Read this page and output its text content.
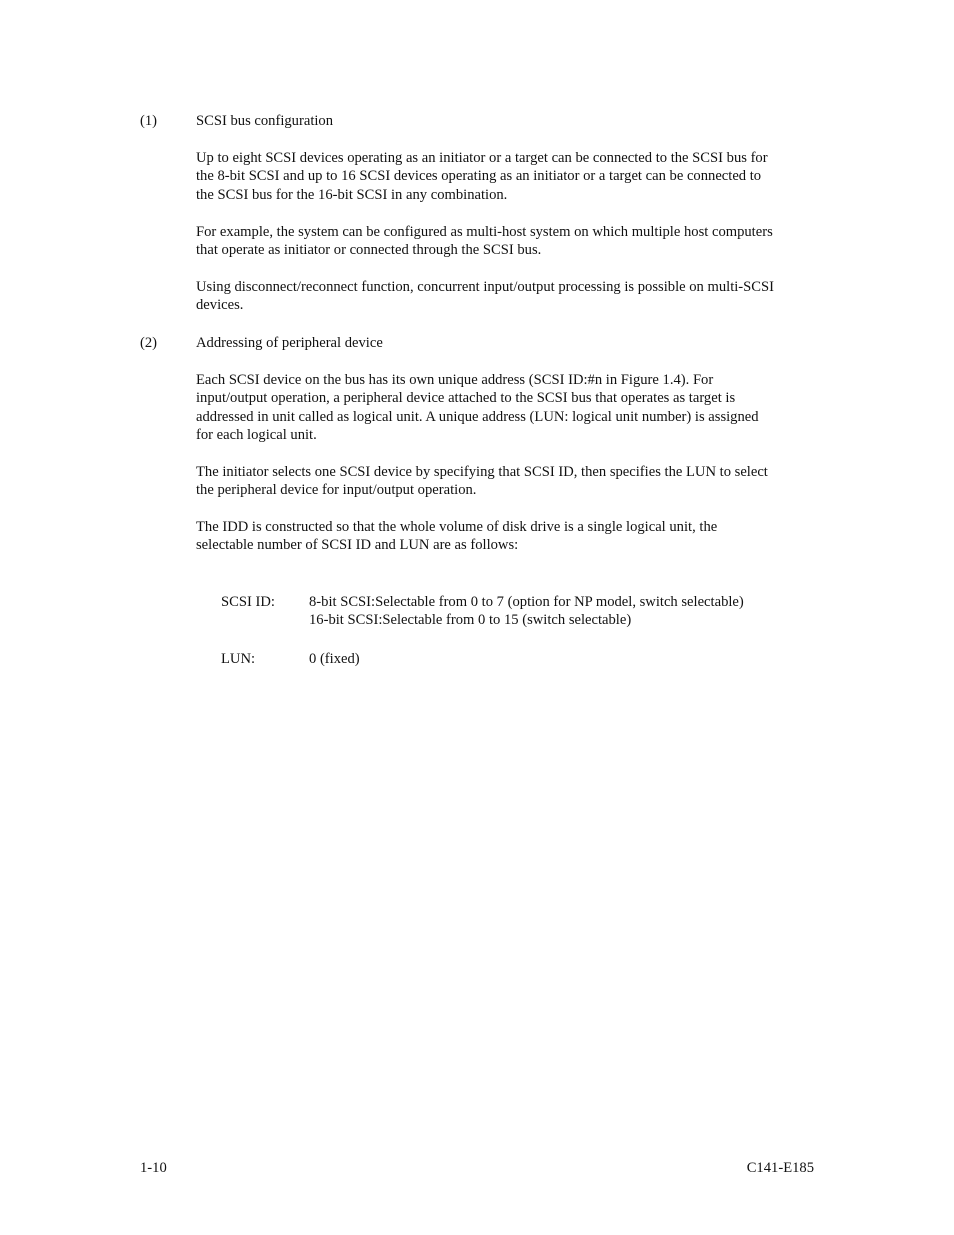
(1)	SCSI bus configuration
Up to eight SCSI devices operating as an initiator or a target can be connected to the SCSI bus for
the 8-bit SCSI and up to 16 SCSI devices operating as an initiator or a target can be connected to
the SCSI bus for the 16-bit SCSI in any combination.
For example, the system can be configured as multi-host system on which multiple host computers
that operate as initiator or connected through the SCSI bus.
Using disconnect/reconnect function, concurrent input/output processing is possible on multi-SCSI
devices.
(2)	Addressing of peripheral device
Each SCSI device on the bus has its own unique address (SCSI ID:#n in Figure 1.4). For
input/output operation, a peripheral device attached to the SCSI bus that operates as target is
addressed in unit called as logical unit. A unique address (LUN: logical unit number) is assigned
for each logical unit.
The initiator selects one SCSI device by specifying that SCSI ID, then specifies the LUN to select
the peripheral device for input/output operation.
The IDD is constructed so that the whole volume of disk drive is a single logical unit, the
selectable number of SCSI ID and LUN are as follows:
SCSI ID: 8-bit SCSI:Selectable from 0 to 7 (option for NP model, switch selectable)
16-bit SCSI:Selectable from 0 to 15 (switch selectable)
LUN:	0 (fixed)
1-10	C141-E185
